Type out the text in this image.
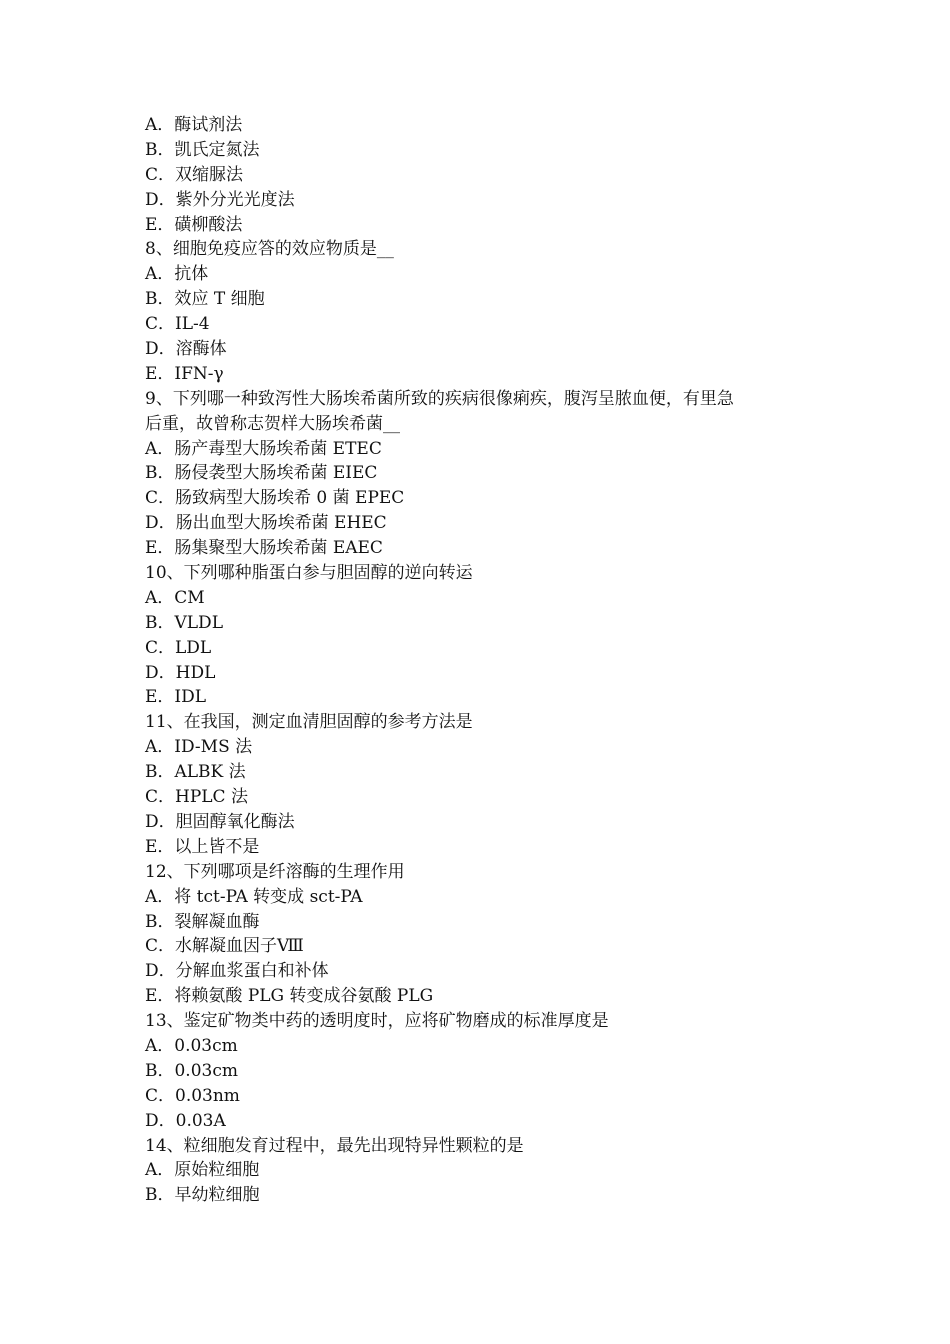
A．酶试剂法
B．凯氏定氮法
C．双缩脲法
D．紫外分光光度法
E．磺柳酸法
8、细胞免疫应答的效应物质是__
A．抗体
B．效应 T 细胞
C．IL-4
D．溶酶体
E．IFN-γ
9、下列哪一种致泻性大肠埃希菌所致的疾病很像痢疾，腹泻呈脓血便，有里急
后重，故曾称志贺样大肠埃希菌__
A．肠产毒型大肠埃希菌 ETEC
B．肠侵袭型大肠埃希菌 EIEC
C．肠致病型大肠埃希 0 菌 EPEC
D．肠出血型大肠埃希菌 EHEC
E．肠集聚型大肠埃希菌 EAEC
10、下列哪种脂蛋白参与胆固醇的逆向转运
A．CM
B．VLDL
C．LDL
D．HDL
E．IDL
11、在我国，测定血清胆固醇的参考方法是
A．ID-MS 法
B．ALBK 法
C．HPLC 法
D．胆固醇氧化酶法
E．以上皆不是
12、下列哪项是纤溶酶的生理作用
A．将 tct-PA 转变成 sct-PA
B．裂解凝血酶
C．水解凝血因子Ⅷ
D．分解血浆蛋白和补体
E．将赖氨酸 PLG 转变成谷氨酸 PLG
13、鉴定矿物类中药的透明度时，应将矿物磨成的标准厚度是
A．0.03cm
B．0.03cm
C．0.03nm
D．0.03A
14、粒细胞发育过程中，最先出现特异性颗粒的是
A．原始粒细胞
B．早幼粒细胞
